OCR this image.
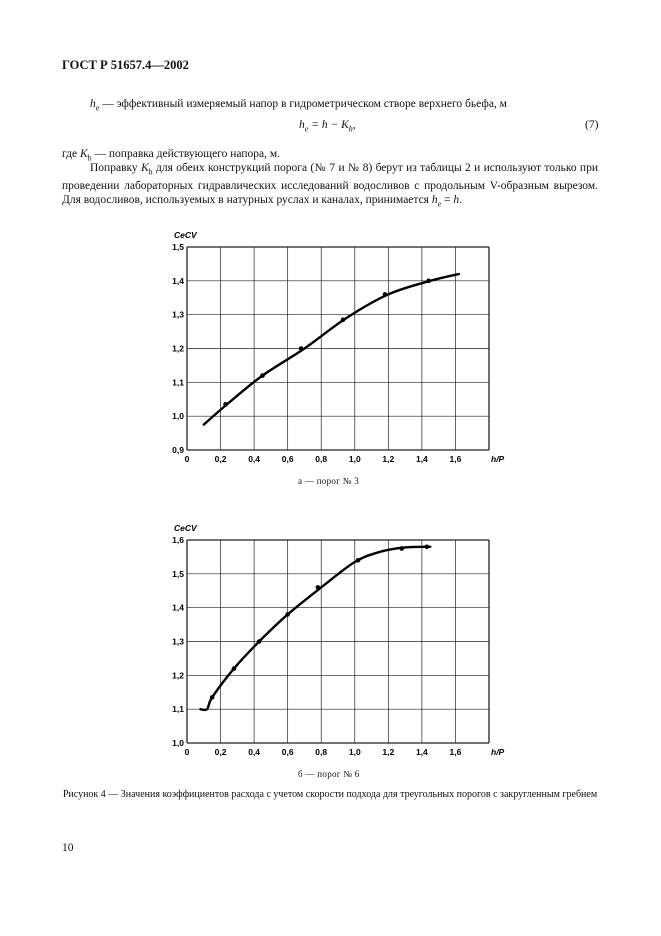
ГОСТ Р 51657.4—2002
$h_e$ — эффективный измеряемый напор в гидрометрическом створе верхнего бьефа, м
$h_e = h - K_h$,	(7)
где $K_h$ — поправка действующего напора, м.
Поправку $K_h$ для обеих конструкций порога (№ 7 и № 8) берут из таблицы 2 и используют только при проведении лабораторных гидравлических исследований водосливов с продольным V-образным вырезом. Для водосливов, используемых в натурных руслах и каналах, принимается $h_e = h$.
0	0,2	0,4	0,6	0,8	1,0	1,2	1,4	1,6
0,9
1,0
1,1
1,2
1,3
1,4
1,5
h/P
CeCV
а — порог № 3
0	0,2	0,4	0,6	0,8	1,0	1,2	1,4	1,6
1,0
1,1
1,2
1,3
1,4
1,5
1,6
h/P
CeCV
б — порог № 6
Рисунок 4 — Значения коэффициентов расхода с учетом скорости подхода для треугольных порогов с закругленным гребнем
10
